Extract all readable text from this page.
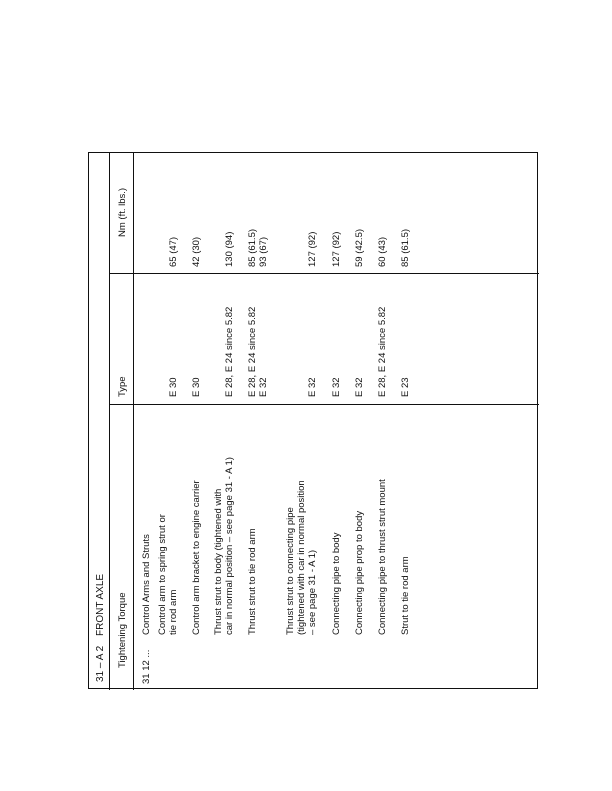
31 – A 2
FRONT AXLE Tightening Torque
Type
Nm (ft. lbs.)
31 12 ...
Control Arms and Struts Control arm to spring strut or tie rod arm
E 30
65 (47)
Control arm bracket to engine carrier
E 30
42 (30)
Thrust strut to body (tightened with car in normal position – see page 31 - A 1)
E 28, E 24 since 5.82
130 (94)
Thrust strut to tie rod arm
E 28, E 24 since 5.82 E 32
85 (61.5) 93 (67)
Thrust strut to connecting pipe (tightened with car in normal position – see page 31 - A 1)
E 32
127 (92)
Connecting pipe to body
E 32
127 (92)
Connecting pipe prop to body
E 32
59 (42.5)
Connecting pipe to thrust strut mount
E 28, E 24 since 5.82
60 (43)
Strut to tie rod arm
E 23
85 (61.5)
